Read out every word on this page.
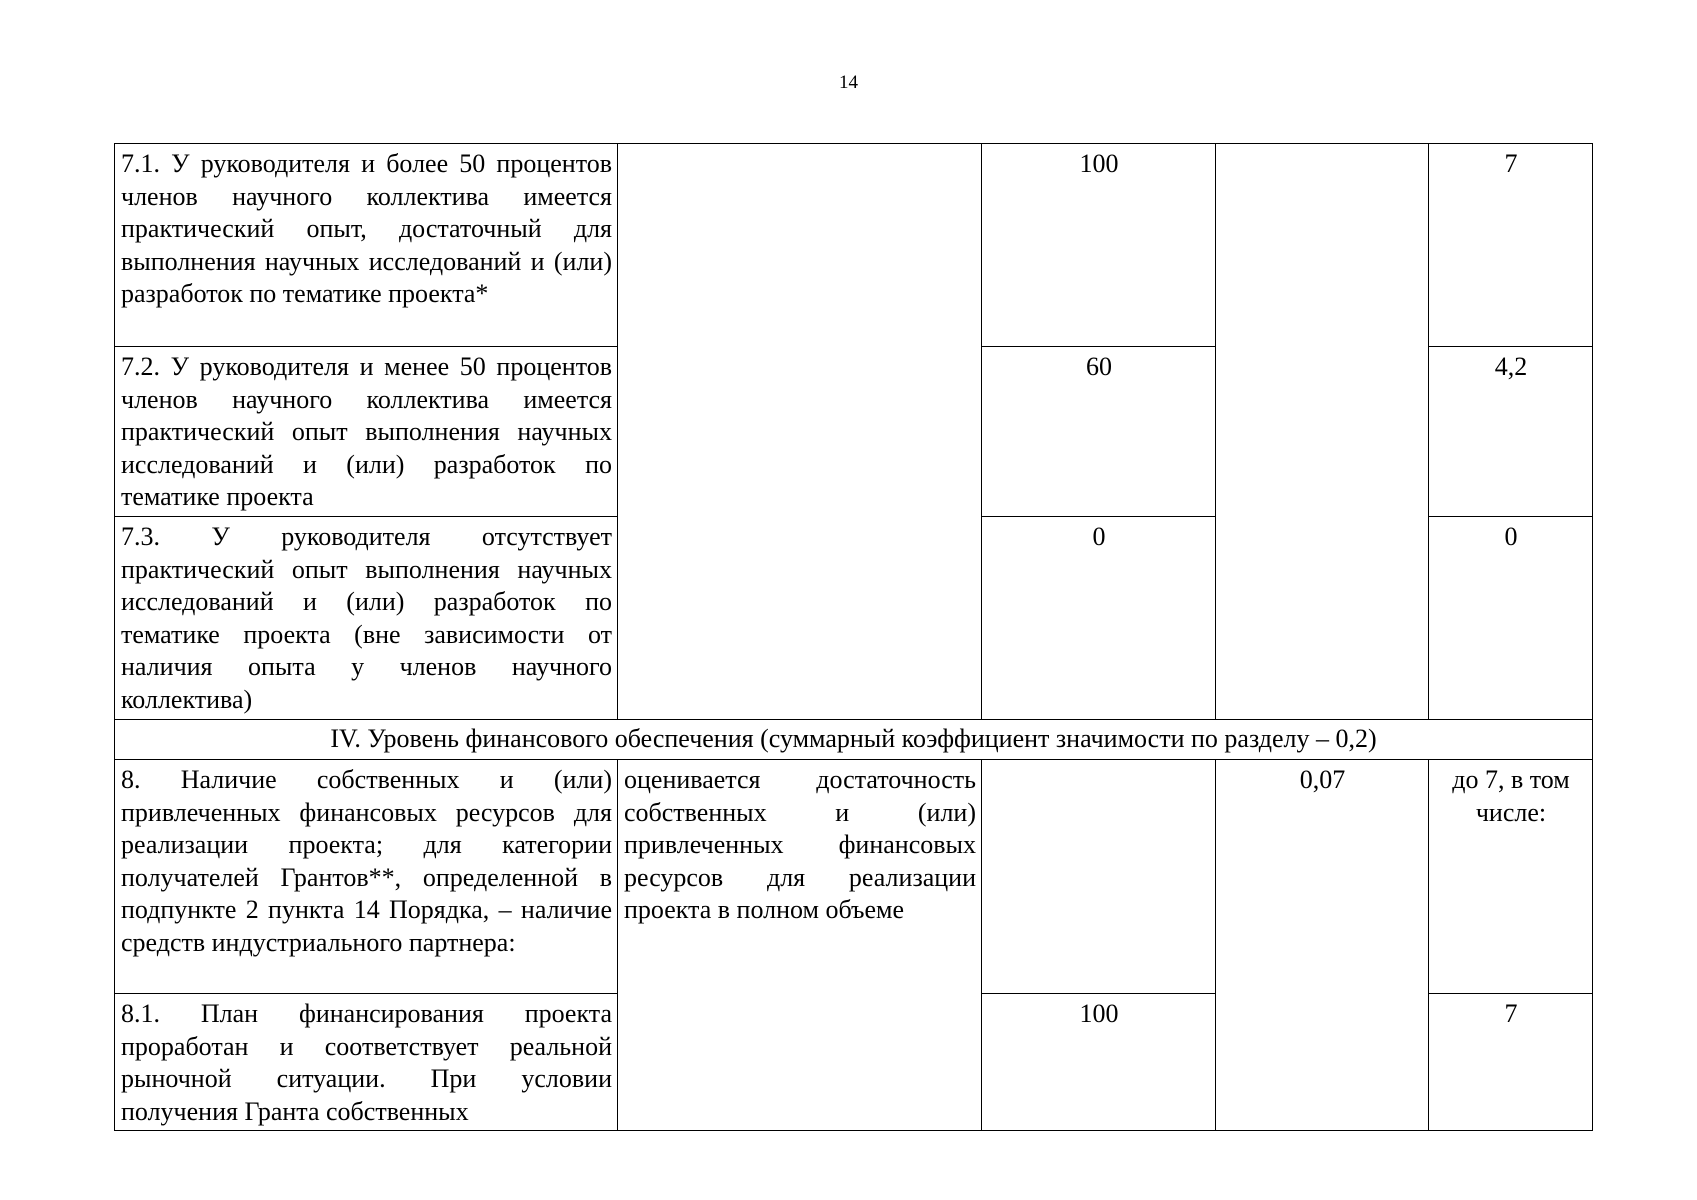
14
7.1. У руководителя и более 50 процентов членов научного коллектива имеется практический опыт, достаточный для выполнения научных исследований и (или) разработок по тематике проекта*		100		7
7.2. У руководителя и менее 50 процентов членов научного коллектива имеется практический опыт выполнения научных исследований и (или) разработок по тематике проекта		60		4,2
7.3. У руководителя отсутствует практический опыт выполнения научных исследований и (или) разработок по тематике проекта (вне зависимости от наличия опыта у членов научного коллектива)		0		0
IV. Уровень финансового обеспечения (суммарный коэффициент значимости по разделу – 0,2)				
8. Наличие собственных и (или) привлеченных финансовых ресурсов для реализации проекта; для категории получателей Грантов**, определенной в подпункте 2 пункта 14 Порядка, – наличие средств индустриального партнера:	оценивается достаточность собственных и (или) привлеченных финансовых ресурсов для реализации проекта в полном объеме		0,07	до 7, в том числе:
8.1. План финансирования проекта проработан и соответствует реальной рыночной ситуации. При условии получения Гранта собственных		100		7
